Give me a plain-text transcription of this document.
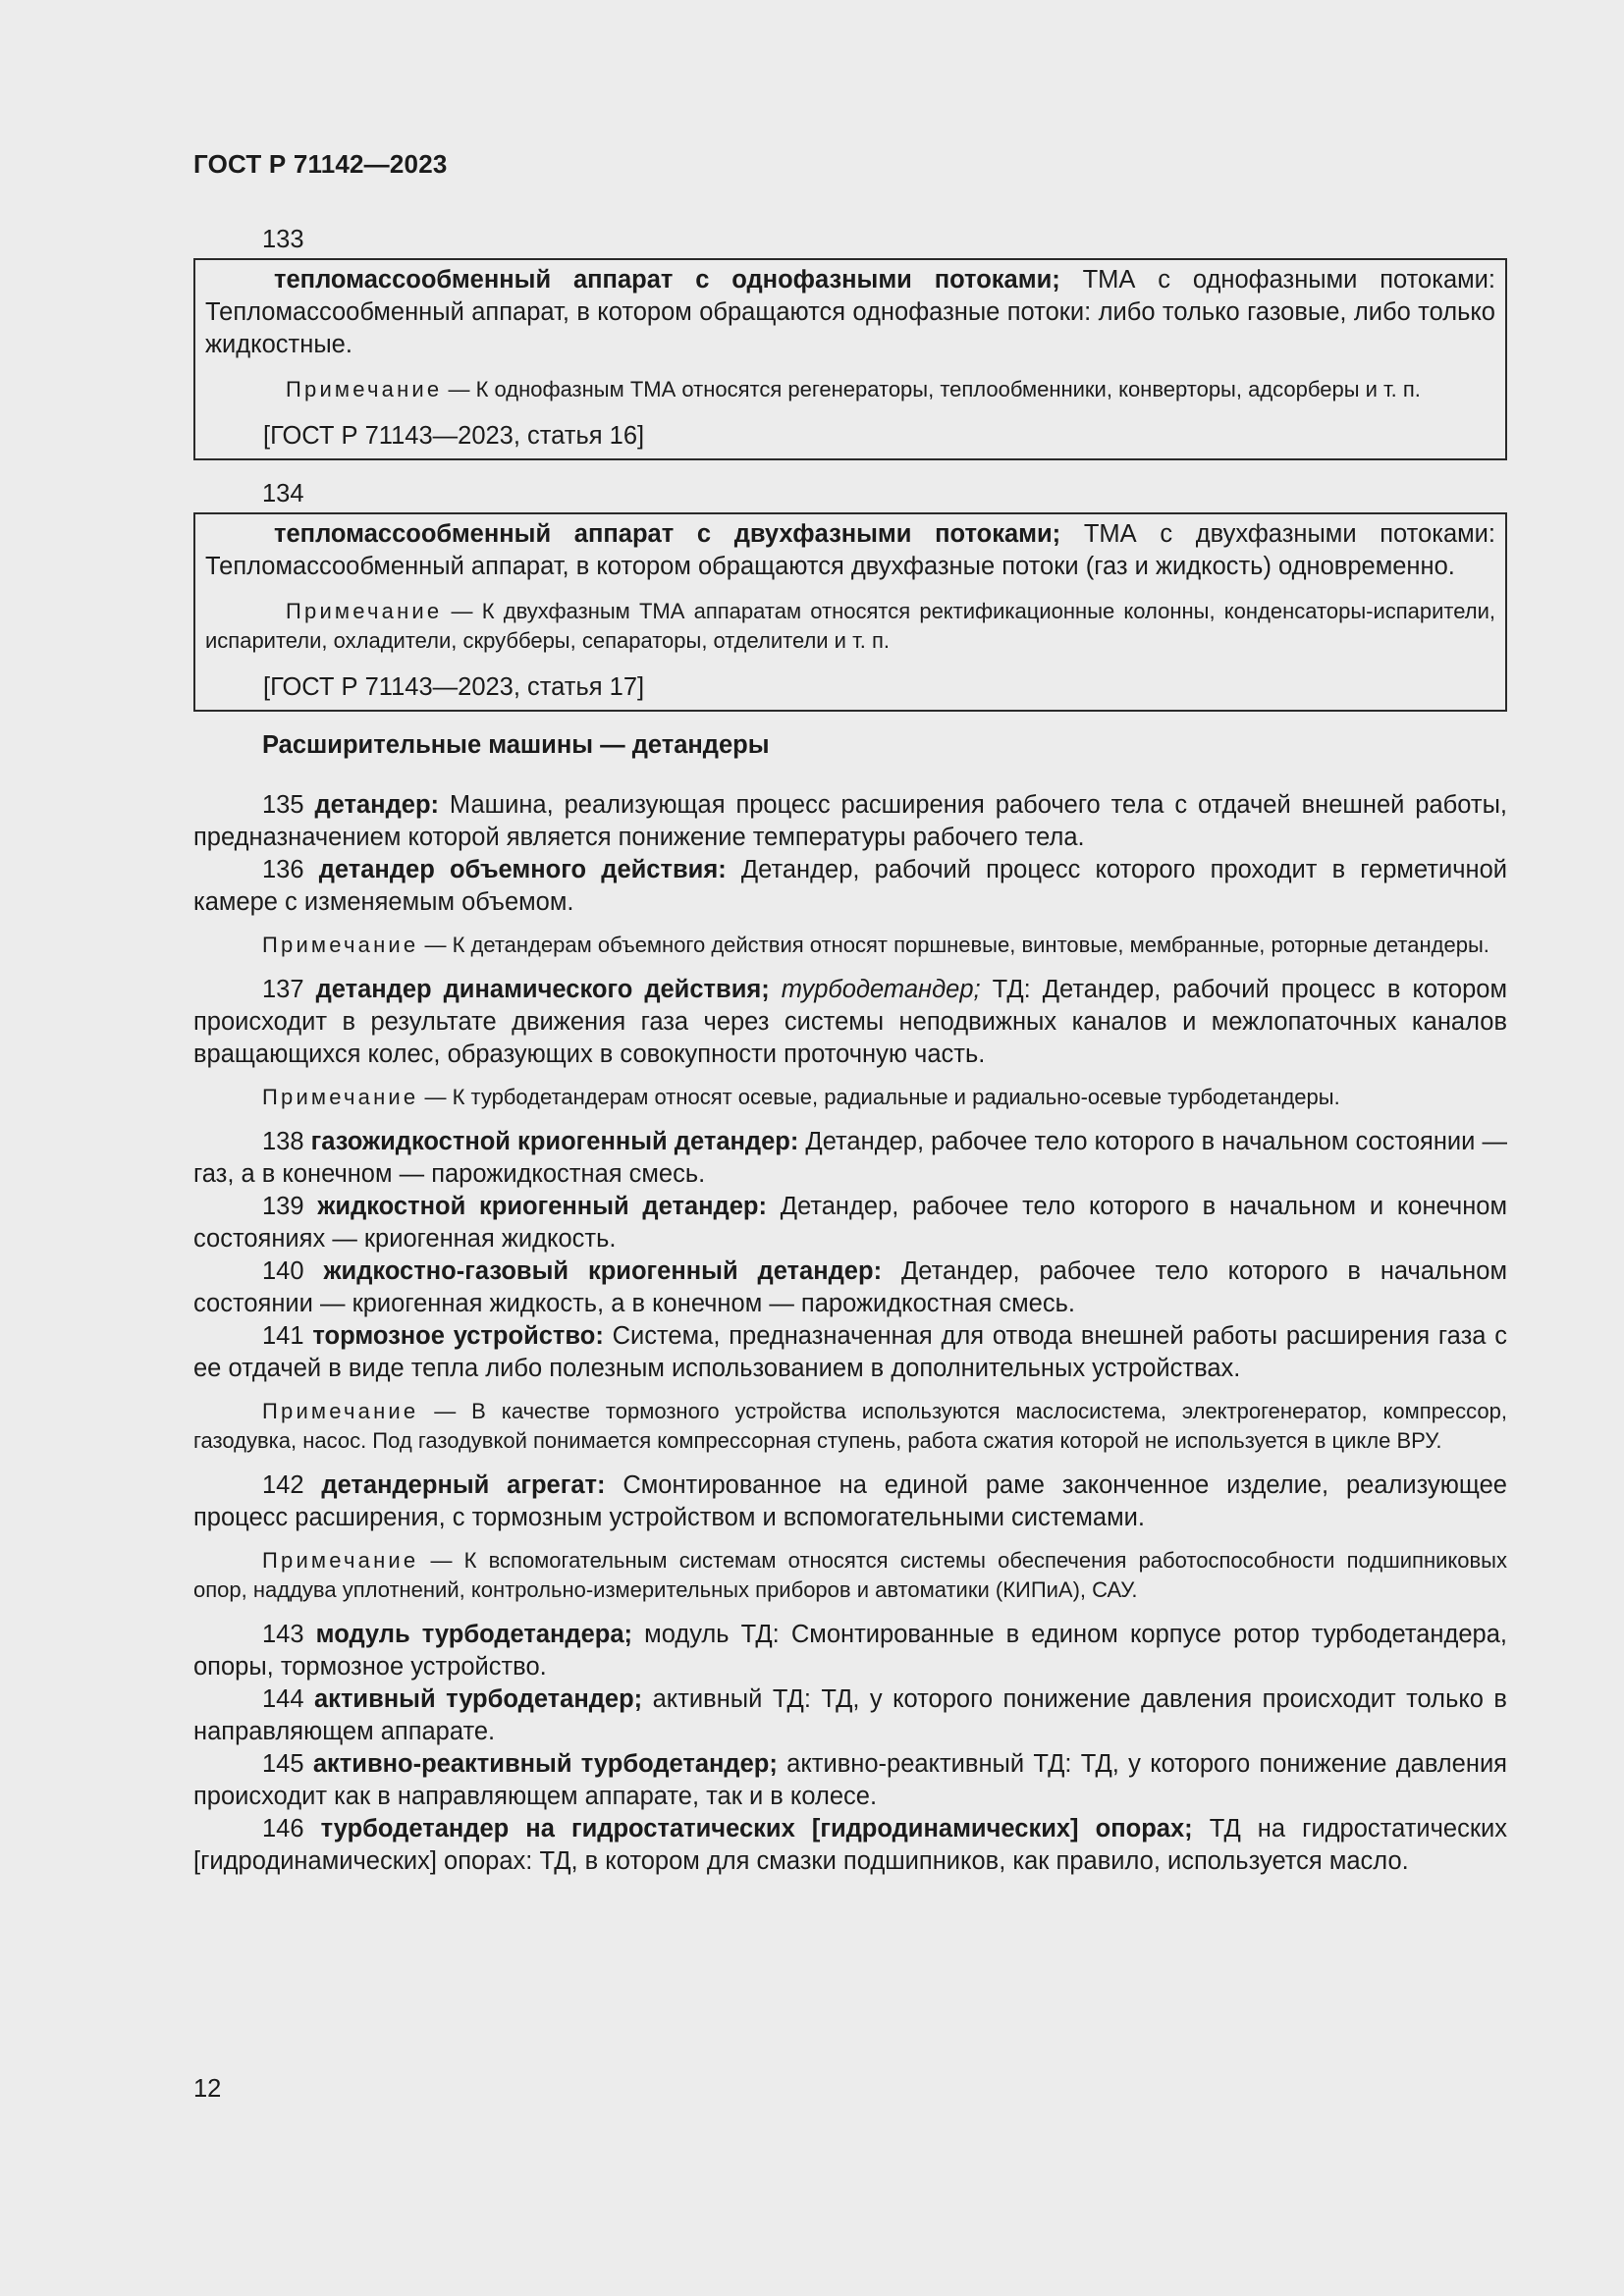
ГОСТ Р 71142—2023
133

тепломассообменный аппарат с однофазными потоками; ТМА с однофазными потоками: Тепломассообменный аппарат, в котором обращаются однофазные потоки: либо только газовые, либо только жидкостные.

Примечание — К однофазным ТМА относятся регенераторы, теплообменники, конверторы, адсорберы и т. п.

[ГОСТ Р 71143—2023, статья 16]
134

тепломассообменный аппарат с двухфазными потоками; ТМА с двухфазными потоками: Тепломассообменный аппарат, в котором обращаются двухфазные потоки (газ и жидкость) одновременно.

Примечание — К двухфазным ТМА аппаратам относятся ректификационные колонны, конденсаторы-испарители, испарители, охладители, скрубберы, сепараторы, отделители и т. п.

[ГОСТ Р 71143—2023, статья 17]
Расширительные машины — детандеры

135 детандер: Машина, реализующая процесс расширения рабочего тела с отдачей внешней работы, предназначением которой является понижение температуры рабочего тела.

136 детандер объемного действия: Детандер, рабочий процесс которого проходит в герметичной камере с изменяемым объемом.

Примечание — К детандерам объемного действия относят поршневые, винтовые, мембранные, роторные детандеры.

137 детандер динамического действия; турбодетандер; ТД: Детандер, рабочий процесс в котором происходит в результате движения газа через системы неподвижных каналов и межлопаточных каналов вращающихся колес, образующих в совокупности проточную часть.

Примечание — К турбодетандерам относят осевые, радиальные и радиально-осевые турбодетандеры.

138 газожидкостной криогенный детандер: Детандер, рабочее тело которого в начальном состоянии — газ, а в конечном — парожидкостная смесь.

139 жидкостной криогенный детандер: Детандер, рабочее тело которого в начальном и конечном состояниях — криогенная жидкость.

140 жидкостно-газовый криогенный детандер: Детандер, рабочее тело которого в начальном состоянии — криогенная жидкость, а в конечном — парожидкостная смесь.

141 тормозное устройство: Система, предназначенная для отвода внешней работы расширения газа с ее отдачей в виде тепла либо полезным использованием в дополнительных устройствах.

Примечание — В качестве тормозного устройства используются маслосистема, электрогенератор, компрессор, газодувка, насос. Под газодувкой понимается компрессорная ступень, работа сжатия которой не используется в цикле ВРУ.

142 детандерный агрегат: Смонтированное на единой раме законченное изделие, реализующее процесс расширения, с тормозным устройством и вспомогательными системами.

Примечание — К вспомогательным системам относятся системы обеспечения работоспособности подшипниковых опор, наддува уплотнений, контрольно-измерительных приборов и автоматики (КИПиА), САУ.

143 модуль турбодетандера; модуль ТД: Смонтированные в едином корпусе ротор турбодетандера, опоры, тормозное устройство.

144 активный турбодетандер; активный ТД: ТД, у которого понижение давления происходит только в направляющем аппарате.

145 активно-реактивный турбодетандер; активно-реактивный ТД: ТД, у которого понижение давления происходит как в направляющем аппарате, так и в колесе.

146 турбодетандер на гидростатических [гидродинамических] опорах; ТД на гидростатических [гидродинамических] опорах: ТД, в котором для смазки подшипников, как правило, используется масло.

12
